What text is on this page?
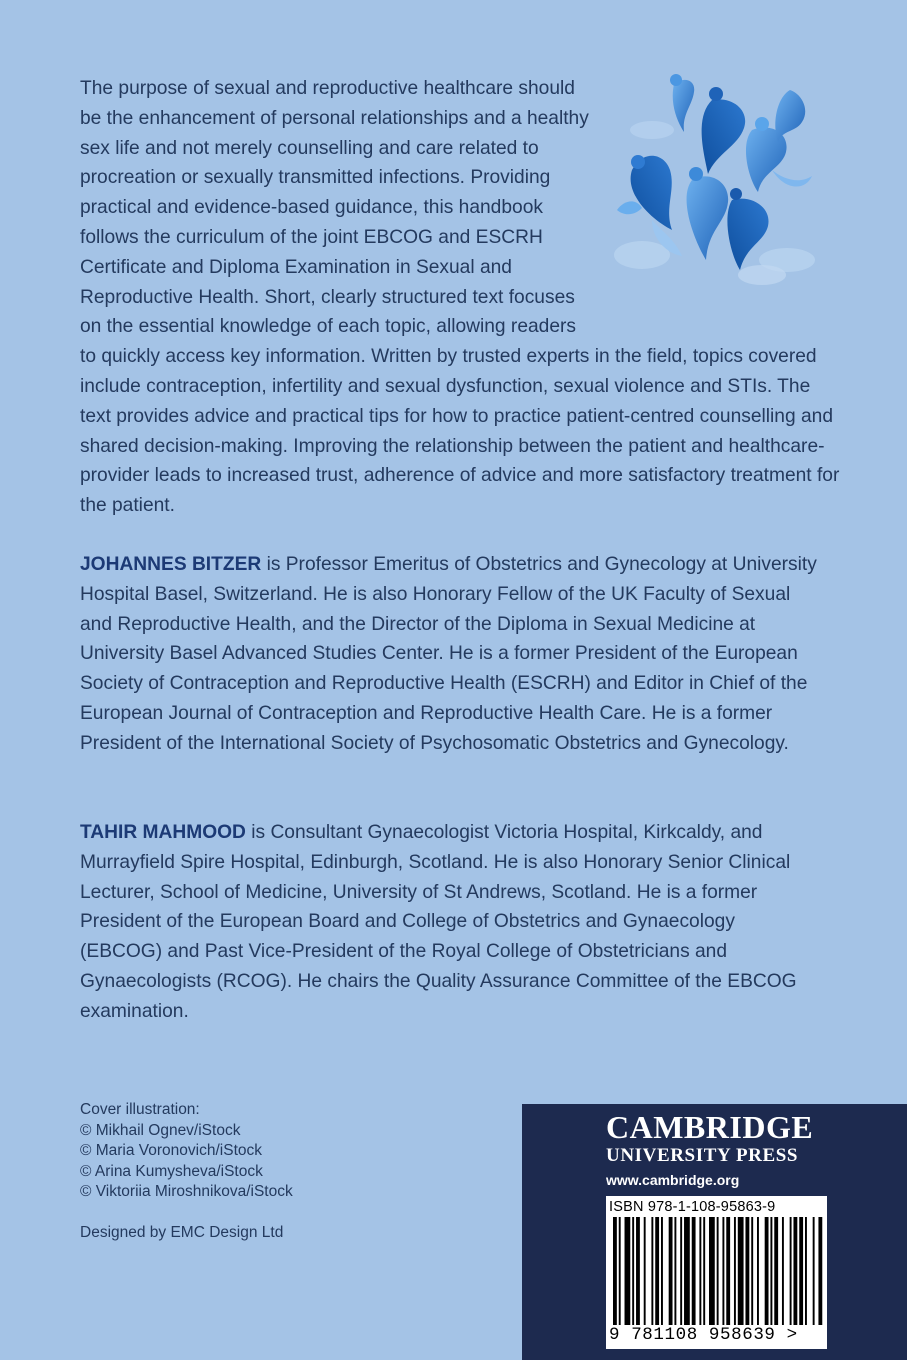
The purpose of sexual and reproductive healthcare should be the enhancement of personal relationships and a healthy sex life and not merely counselling and care related to procreation or sexually transmitted infections. Providing practical and evidence-based guidance, this handbook follows the curriculum of the joint EBCOG and ESCRH Certificate and Diploma Examination in Sexual and Reproductive Health. Short, clearly structured text focuses on the essential knowledge of each topic, allowing readers to quickly access key information. Written by trusted experts in the field, topics covered include contraception, infertility and sexual dysfunction, sexual violence and STIs. The text provides advice and practical tips for how to practice patient-centred counselling and shared decision-making. Improving the relationship between the patient and healthcare-provider leads to increased trust, adherence of advice and more satisfactory treatment for the patient.

JOHANNES BITZER is Professor Emeritus of Obstetrics and Gynecology at University Hospital Basel, Switzerland. He is also Honorary Fellow of the UK Faculty of Sexual and Reproductive Health, and the Director of the Diploma in Sexual Medicine at University Basel Advanced Studies Center. He is a former President of the European Society of Contraception and Reproductive Health (ESCRH) and Editor in Chief of the European Journal of Contraception and Reproductive Health Care. He is a former President of the International Society of Psychosomatic Obstetrics and Gynecology.

TAHIR MAHMOOD is Consultant Gynaecologist Victoria Hospital, Kirkcaldy, and Murrayfield Spire Hospital, Edinburgh, Scotland. He is also Honorary Senior Clinical Lecturer, School of Medicine, University of St Andrews, Scotland. He is a former President of the European Board and College of Obstetrics and Gynaecology (EBCOG) and Past Vice-President of the Royal College of Obstetricians and Gynaecologists (RCOG). He chairs the Quality Assurance Committee of the EBCOG examination.

Cover illustration:
© Mikhail Ognev/iStock
© Maria Voronovich/iStock
© Arina Kumysheva/iStock
© Viktoriia Miroshnikova/iStock
Designed by EMC Design Ltd
CAMBRIDGE
UNIVERSITY PRESS
www.cambridge.org
ISBN 978-1-108-95863-9
9 781108 958639 >
